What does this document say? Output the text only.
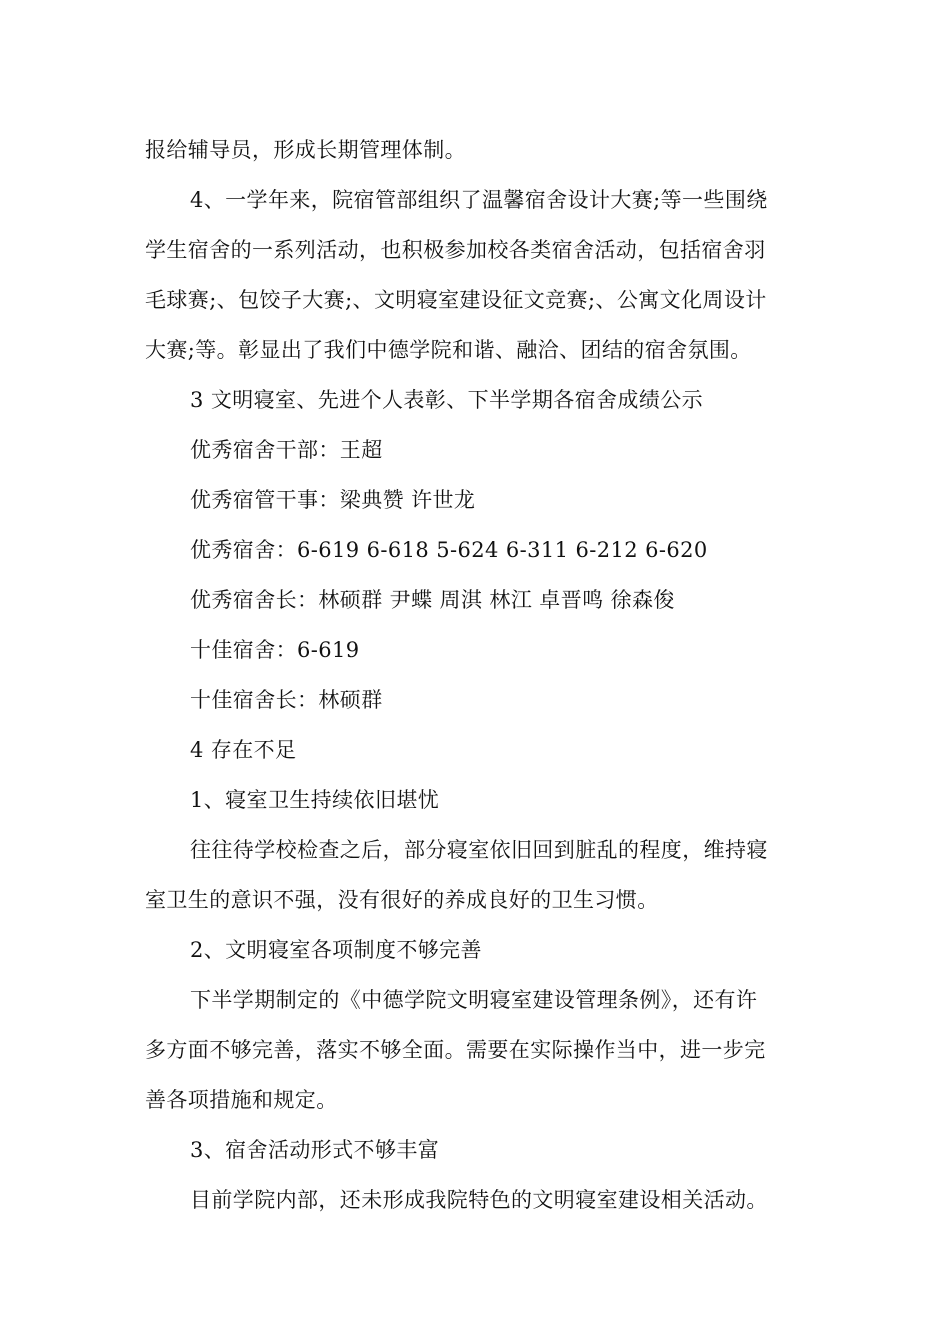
报给辅导员，形成长期管理体制。
4、一学年来，院宿管部组织了温馨宿舍设计大赛;等一些围绕
学生宿舍的一系列活动，也积极参加校各类宿舍活动，包括宿舍羽
毛球赛;、包饺子大赛;、文明寝室建设征文竞赛;、公寓文化周设计
大赛;等。彰显出了我们中德学院和谐、融洽、团结的宿舍氛围。
3 文明寝室、先进个人表彰、下半学期各宿舍成绩公示
优秀宿舍干部：王超
优秀宿管干事：梁典赞 许世龙
优秀宿舍：6-619 6-618 5-624 6-311 6-212 6-620
优秀宿舍长：林硕群 尹蝶 周淇 林江 卓晋鸣 徐森俊
十佳宿舍：6-619
十佳宿舍长：林硕群
4 存在不足
1、寝室卫生持续依旧堪忧
往往待学校检查之后，部分寝室依旧回到脏乱的程度，维持寝
室卫生的意识不强，没有很好的养成良好的卫生习惯。
2、文明寝室各项制度不够完善
下半学期制定的《中德学院文明寝室建设管理条例》，还有许
多方面不够完善，落实不够全面。需要在实际操作当中，进一步完
善各项措施和规定。
3、宿舍活动形式不够丰富
目前学院内部，还未形成我院特色的文明寝室建设相关活动。
